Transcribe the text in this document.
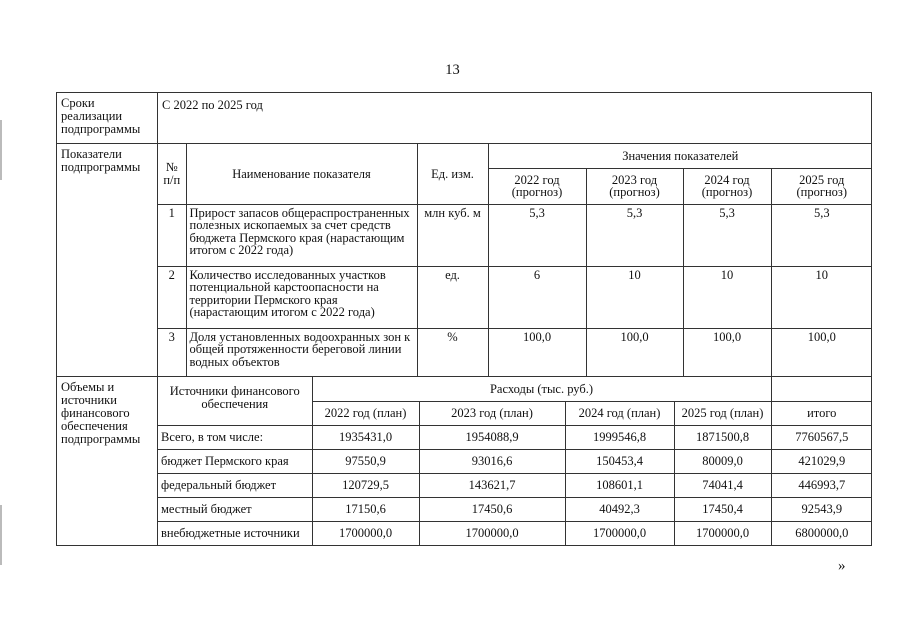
13
Сроки реализации подпрограммы	С 2022 по 2025 год
Показатели подпрограммы	№ п/п	Наименование показателя	Ед. изм.	Значения показателей
2022 год (прогноз)	2023 год (прогноз)	2024 год (прогноз)	2025 год (прогноз)
1	Прирост запасов общераспространенных полезных ископаемых за счет средств бюджета Пермского края (нарастающим итогом с 2022 года)	млн куб. м	5,3	5,3	5,3	5,3
2	Количество исследованных участков потенциальной карстоопасности на территории Пермского края (нарастающим итогом с 2022 года)	ед.	6	10	10	10
3	Доля установленных водоохранных зон к общей протяженности береговой линии водных объектов	%	100,0	100,0	100,0	100,0

Объемы и источники финансового обеспечения подпрограммы	
Источники финансового обеспечения	Расходы (тыс. руб.)	
2022 год (план)	2023 год (план)	2024 год (план)	2025 год (план)	итого
Всего, в том числе:	1935431,0	1954088,9	1999546,8	1871500,8	7760567,5
бюджет Пермского края	97550,9	93016,6	150453,4	80009,0	421029,9
федеральный бюджет	120729,5	143621,7	108601,1	74041,4	446993,7
местный бюджет	17150,6	17450,6	40492,3	17450,4	92543,9
внебюджетные источники	1700000,0	1700000,0	1700000,0	1700000,0	6800000,0
»
